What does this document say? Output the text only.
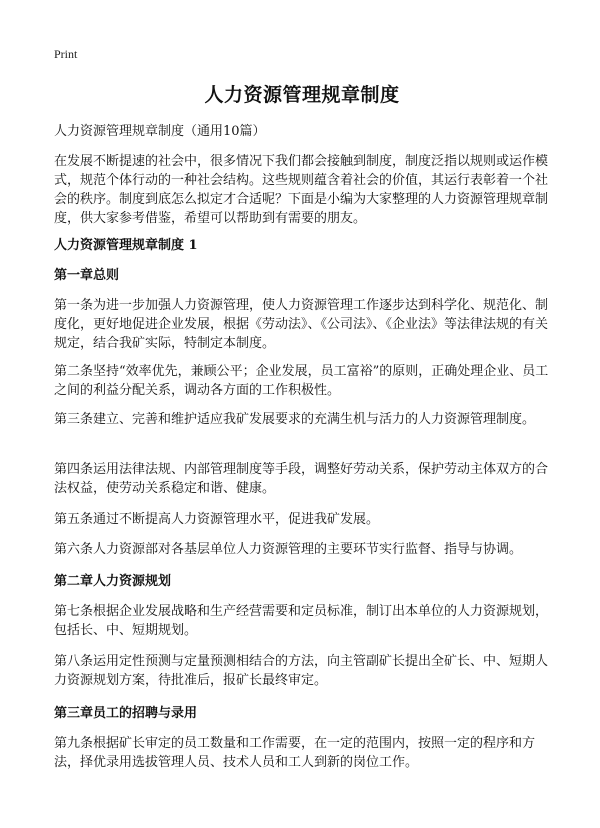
Print
人力资源管理规章制度
人力资源管理规章制度（通用10篇）
在发展不断提速的社会中，很多情况下我们都会接触到制度，制度泛指以规则或运作模式，规范个体行动的一种社会结构。这些规则蕴含着社会的价值，其运行表彰着一个社会的秩序。制度到底怎么拟定才合适呢？下面是小编为大家整理的人力资源管理规章制度，供大家参考借鉴，希望可以帮助到有需要的朋友。
人力资源管理规章制度 1
第一章总则
第一条为进一步加强人力资源管理，使人力资源管理工作逐步达到科学化、规范化、制度化，更好地促进企业发展，根据《劳动法》、《公司法》、《企业法》等法律法规的有关规定，结合我矿实际，特制定本制度。
第二条坚持“效率优先，兼顾公平；企业发展，员工富裕”的原则，正确处理企业、员工之间的利益分配关系，调动各方面的工作积极性。
第三条建立、完善和维护适应我矿发展要求的充满生机与活力的人力资源管理制度。
第四条运用法律法规、内部管理制度等手段，调整好劳动关系，保护劳动主体双方的合法权益，使劳动关系稳定和谐、健康。
第五条通过不断提高人力资源管理水平，促进我矿发展。
第六条人力资源部对各基层单位人力资源管理的主要环节实行监督、指导与协调。
第二章人力资源规划
第七条根据企业发展战略和生产经营需要和定员标准，制订出本单位的人力资源规划，包括长、中、短期规划。
第八条运用定性预测与定量预测相结合的方法，向主管副矿长提出全矿长、中、短期人力资源规划方案，待批准后，报矿长最终审定。
第三章员工的招聘与录用
第九条根据矿长审定的员工数量和工作需要，在一定的范围内，按照一定的程序和方法，择优录用选拔管理人员、技术人员和工人到新的岗位工作。
